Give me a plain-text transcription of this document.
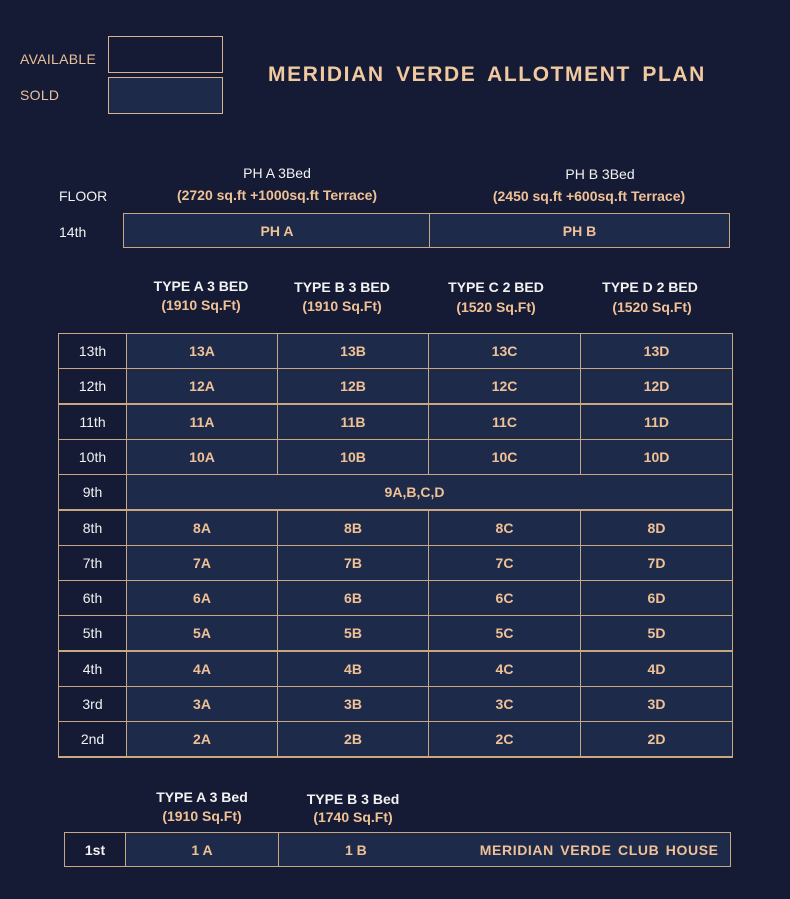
AVAILABLE
SOLD
MERIDIAN VERDE ALLOTMENT PLAN
PH A 3Bed
(2720 sq.ft +1000sq.ft Terrace)
PH B 3Bed
(2450 sq.ft +600sq.ft Terrace)
FLOOR
14th	PH A	PH B
TYPE A 3 BED
(1910 Sq.Ft)
TYPE B 3 BED
(1910 Sq.Ft)
TYPE C 2 BED
(1520 Sq.Ft)
TYPE D 2 BED
(1520 Sq.Ft)
13th	13A	13B	13C	13D
12th	12A	12B	12C	12D
11th	11A	11B	11C	11D
10th	10A	10B	10C	10D
9th	9A,B,C,D
8th	8A	8B	8C	8D
7th	7A	7B	7C	7D
6th	6A	6B	6C	6D
5th	5A	5B	5C	5D
4th	4A	4B	4C	4D
3rd	3A	3B	3C	3D
2nd	2A	2B	2C	2D
TYPE A 3 Bed
(1910 Sq.Ft)
TYPE B 3 Bed
(1740 Sq.Ft)
1st	1 A	1 B	MERIDIAN VERDE CLUB HOUSE
